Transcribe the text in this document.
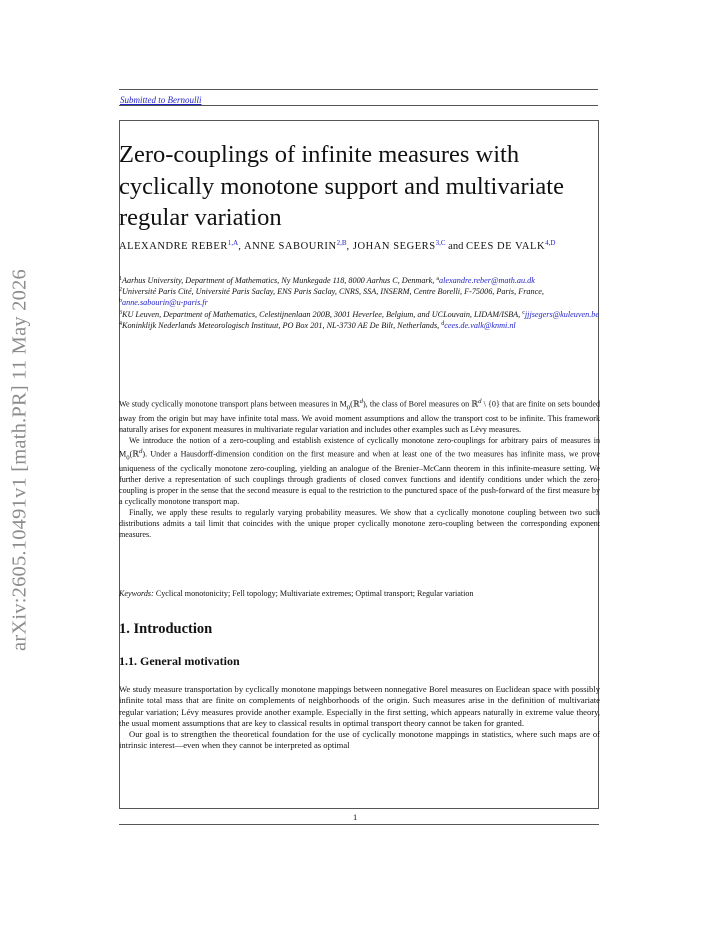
arXiv:2605.10491v1 [math.PR] 11 May 2026
Submitted to Bernoulli
Zero-couplings of infinite measures with cyclically monotone support and multivariate regular variation
ALEXANDRE $REBER^{1,A}$, ANNE $SABOURIN^{2,B}$, JOHAN $SEGERS^{3,C}$ and CEES DE $VALK^{4,D}$
$^1$Aarhus University, Department of Mathematics, Ny Munkegade 118, 8000 Aarhus C, Denmark, $^a$alexandre.reber@math.au.dk
$^2$Université Paris Cité, Université Paris Saclay, ENS Paris Saclay, CNRS, SSA, INSERM, Centre Borelli, F-75006, Paris, France, $^b$anne.sabourin@u-paris.fr
$^3$KU Leuven, Department of Mathematics, Celestijnenlaan 200B, 3001 Heverlee, Belgium, and UCLouvain, LIDAM/ISBA, $^c$jjjsegers@kuleuven.be
$^4$Koninklijk Nederlands Meteorologisch Instituut, PO Box 201, NL-3730 AE De Bilt, Netherlands, $^d$cees.de.valk@knmi.nl

We study cyclically monotone transport plans between measures in $M_0(ℝ^d)$, the class of Borel measures on ℝ$^d$ \ {0} that are finite on sets bounded away from the origin but may have infinite total mass. We avoid moment assumptions and allow the transport cost to be infinite. This framework naturally arises for exponent measures in multivariate regular variation and includes other examples such as Lévy measures.

We introduce the notion of a zero-coupling and establish existence of cyclically monotone zero-couplings for arbitrary pairs of measures in $M_0(ℝ^d)$. Under a Hausdorff-dimension condition on the first measure and when at least one of the two measures has infinite mass, we prove uniqueness of the cyclically monotone zero-coupling, yielding an analogue of the Brenier–McCann theorem in this infinite-measure setting. We further derive a representation of such couplings through gradients of closed convex functions and identify conditions under which the zero-coupling is proper in the sense that the second measure is equal to the restriction to the punctured space of the push-forward of the first measure by a cyclically monotone transport map.

Finally, we apply these results to regularly varying probability measures. We show that a cyclically monotone coupling between two such distributions admits a tail limit that coincides with the unique proper cyclically monotone zero-coupling between the corresponding exponent measures.

Keywords: Cyclical monotonicity; Fell topology; Multivariate extremes; Optimal transport; Regular variation
1. Introduction
1.1. General motivation

We study measure transportation by cyclically monotone mappings between nonnegative Borel measures on Euclidean space with possibly infinite total mass that are finite on complements of neighborhoods of the origin. Such measures arise in the definition of multivariate regular variation; Lévy measures provide another example. Especially in the first setting, which appears naturally in extreme value theory, the usual moment assumptions that are key to classical results in optimal transport theory cannot be taken for granted.

Our goal is to strengthen the theoretical foundation for the use of cyclically monotone mappings in statistics, where such maps are of intrinsic interest—even when they cannot be interpreted as optimal

1
